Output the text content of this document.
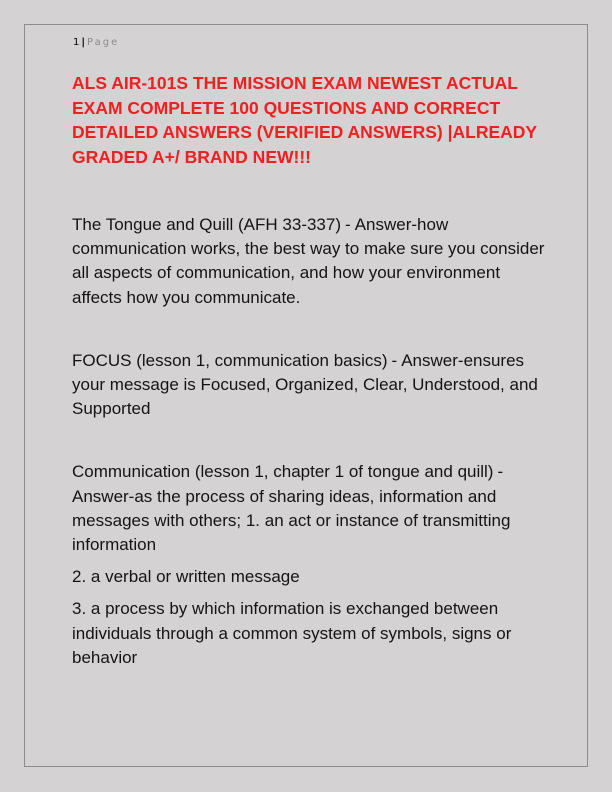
1 | Page
ALS AIR-101S THE MISSION EXAM NEWEST ACTUAL EXAM COMPLETE 100 QUESTIONS AND CORRECT DETAILED ANSWERS (VERIFIED ANSWERS) |ALREADY GRADED A+/ BRAND NEW!!!

The Tongue and Quill (AFH 33-337) - Answer-how communication works, the best way to make sure you consider all aspects of communication, and how your environment affects how you communicate.

FOCUS (lesson 1, communication basics) - Answer-ensures your message is Focused, Organized, Clear, Understood, and Supported

Communication (lesson 1, chapter 1 of tongue and quill) -Answer-as the process of sharing ideas, information and messages with others; 1. an act or instance of transmitting information

2. a verbal or written message

3. a process by which information is exchanged between individuals through a common system of symbols, signs or behavior
